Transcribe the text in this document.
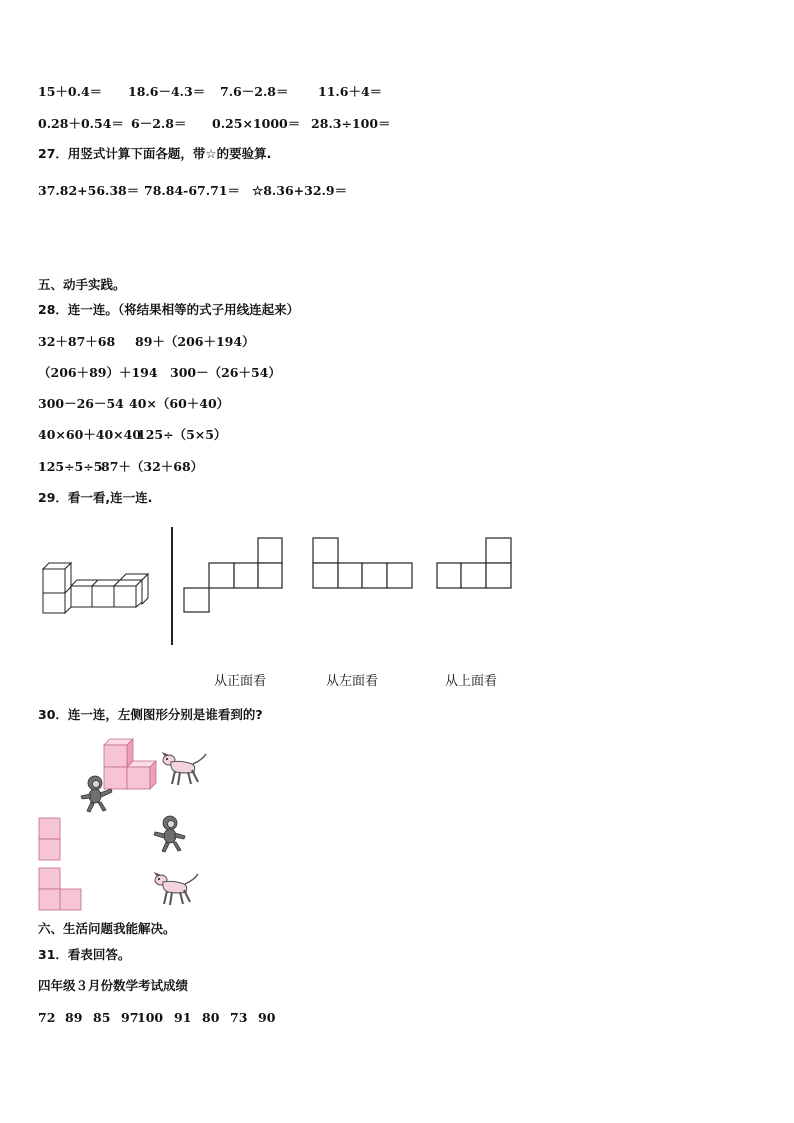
15＋0.4＝ 18.6－4.3＝ 7.6－2.8＝ 11.6＋4＝
0.28＋0.54＝ 6－2.8＝ 0.25×1000＝ 28.3÷100＝
27．用竖式计算下面各题，带☆的要验算.
37.82+56.38＝ 78.84-67.71＝ ☆8.36+32.9＝
五、动手实践。
28．连一连。（将结果相等的式子用线连起来）
32＋87＋68 89＋（206＋194）
（206＋89）＋194 300－（26＋54）
300－26－54 40×（60＋40）
40×60＋40×40
125÷（5×5）
125÷5÷5
87＋（32＋68）
29．看一看,连一连.
从正面看	从左面看	从上面看
30．连一连，左侧图形分别是谁看到的?
六、生活问题我能解决。
31．看表回答。
四年级３月份数学考试成绩
72 89 85 97
100 91 80 73 90
